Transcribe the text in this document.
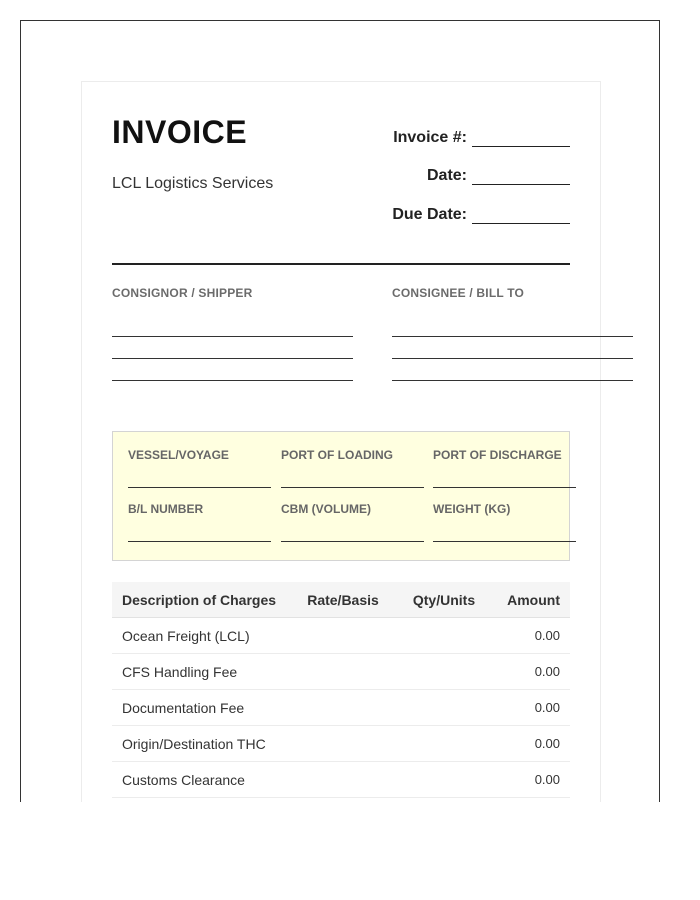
INVOICE
LCL Logistics Services
Invoice #:
Date:
Due Date:
CONSIGNOR / SHIPPER	CONSIGNEE / BILL TO
VESSEL/VOYAGE	PORT OF LOADING	PORT OF DISCHARGE
B/L NUMBER	CBM (VOLUME)	WEIGHT (KG)
Description of Charges	Rate/Basis	Qty/Units	Amount
Ocean Freight (LCL)			0.00
CFS Handling Fee			0.00
Documentation Fee			0.00
Origin/Destination THC			0.00
Customs Clearance			0.00
